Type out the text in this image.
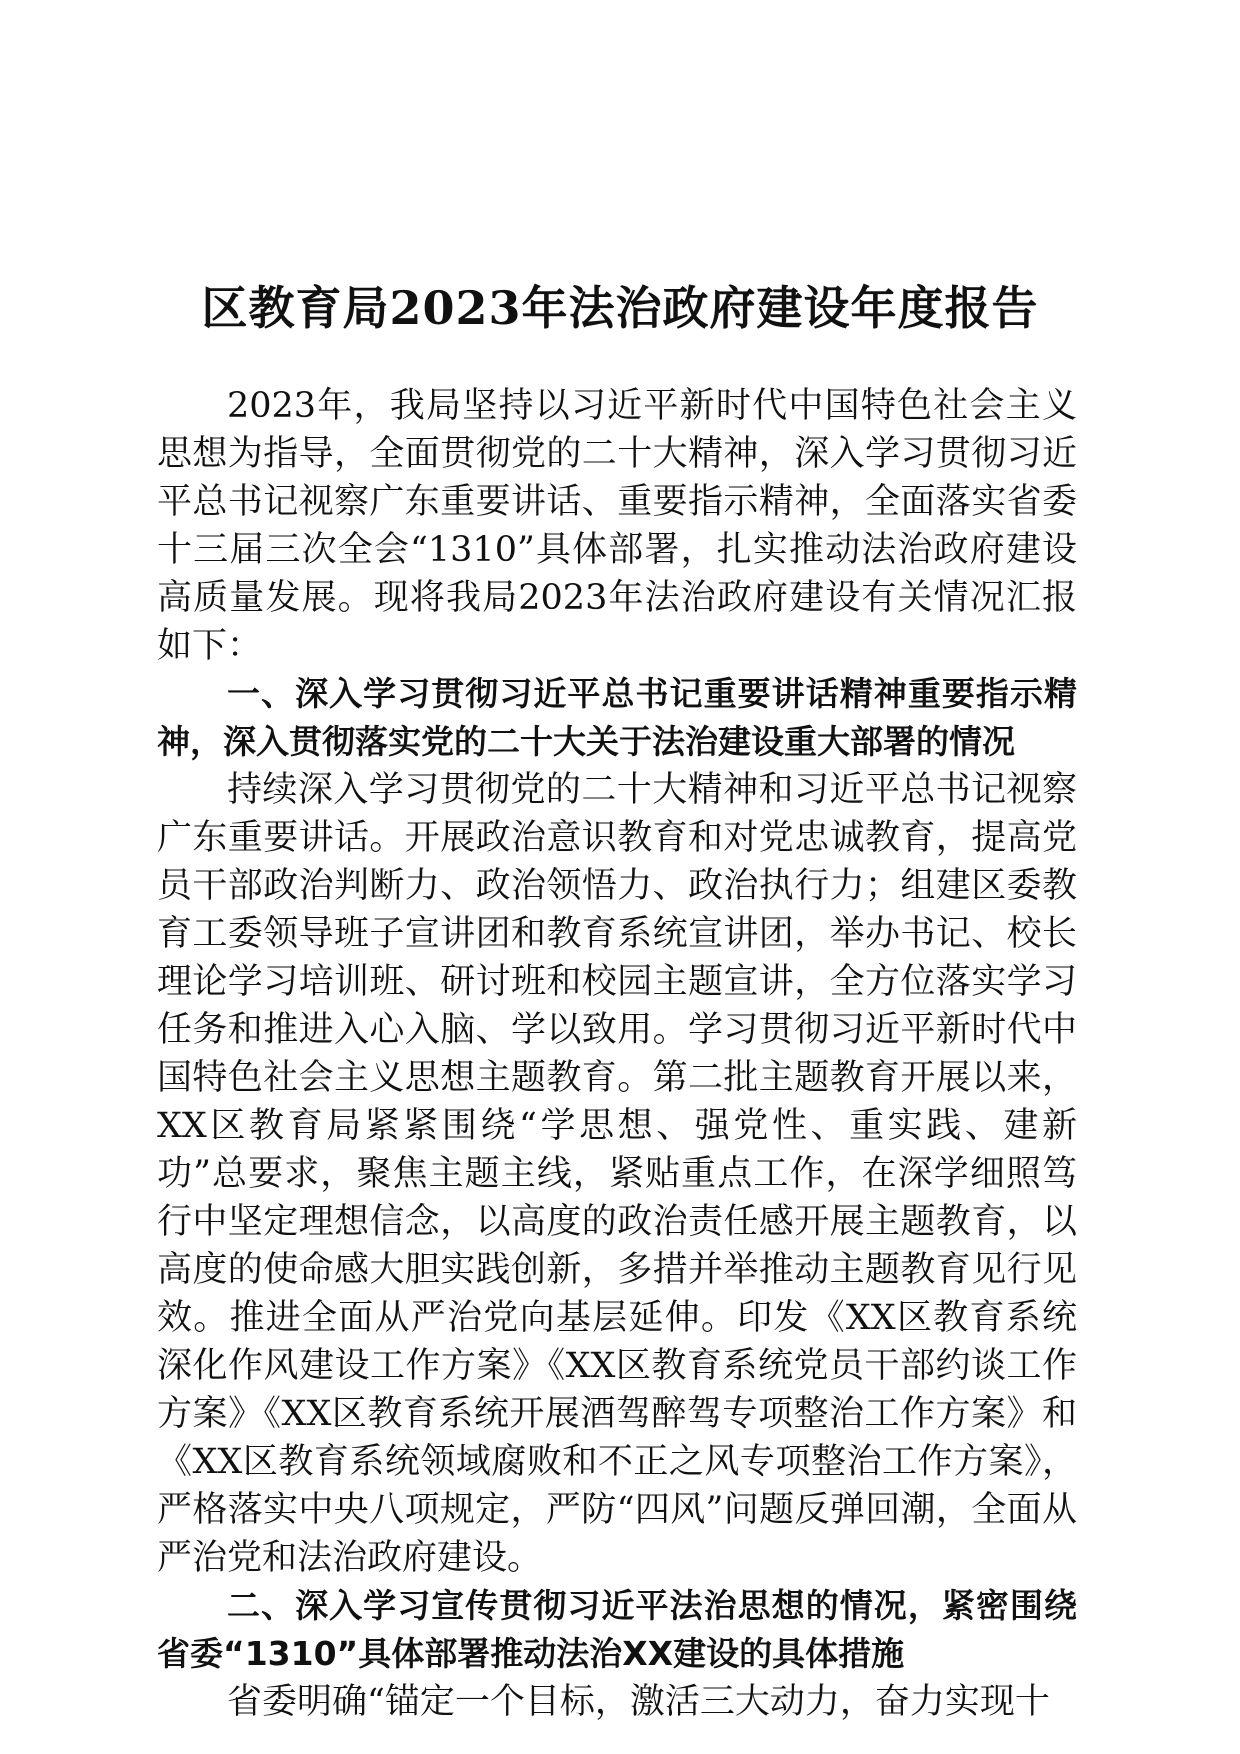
区教育局2023年法治政府建设年度报告

2023年，我局坚持以习近平新时代中国特色社会主义思想为指导，全面贯彻党的二十大精神，深入学习贯彻习近平总书记视察广东重要讲话、重要指示精神，全面落实省委十三届三次全会“1310”具体部署，扎实推动法治政府建设高质量发展。现将我局2023年法治政府建设有关情况汇报如下：

一、深入学习贯彻习近平总书记重要讲话精神重要指示精神，深入贯彻落实党的二十大关于法治建设重大部署的情况

持续深入学习贯彻党的二十大精神和习近平总书记视察广东重要讲话。开展政治意识教育和对党忠诚教育，提高党员干部政治判断力、政治领悟力、政治执行力；组建区委教育工委领导班子宣讲团和教育系统宣讲团，举办书记、校长理论学习培训班、研讨班和校园主题宣讲，全方位落实学习任务和推进入心入脑、学以致用。学习贯彻习近平新时代中国特色社会主义思想主题教育。第二批主题教育开展以来，XX区教育局紧紧围绕“学思想、强党性、重实践、建新功”总要求，聚焦主题主线，紧贴重点工作，在深学细照笃行中坚定理想信念，以高度的政治责任感开展主题教育，以高度的使命感大胆实践创新，多措并举推动主题教育见行见效。推进全面从严治党向基层延伸。印发《XX区教育系统深化作风建设工作方案》《XX区教育系统党员干部约谈工作方案》《XX区教育系统开展酒驾醉驾专项整治工作方案》和《XX区教育系统领域腐败和不正之风专项整治工作方案》，严格落实中央八项规定，严防“四风”问题反弹回潮，全面从严治党和法治政府建设。

二、深入学习宣传贯彻习近平法治思想的情况，紧密围绕省委“1310”具体部署推动法治XX建设的具体措施

省委明确“锚定一个目标，激活三大动力，奋力实现十
